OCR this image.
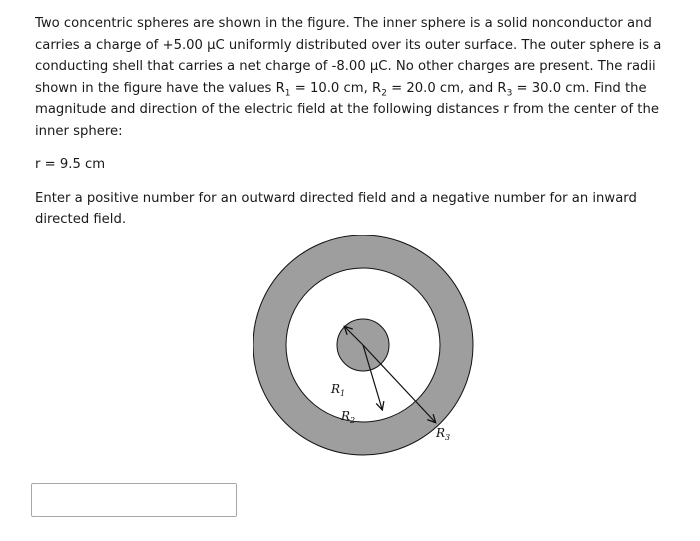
Two concentric spheres are shown in the figure. The inner sphere is a solid nonconductor and carries a charge of +5.00 µC uniformly distributed over its outer surface. The outer sphere is a conducting shell that carries a net charge of -8.00 µC. No other charges are present. The radii shown in the figure have the values $R_1 = 10.0$ cm, $R_2 = 20.0$ cm, and $R_3 = 30.0$ cm. Find the magnitude and direction of the electric field at the following distances r from the center of the inner sphere:

r = 9.5 cm

Enter a positive number for an outward directed field and a negative number for an inward directed field.

$R_1$
$R_2$
$R_3$
